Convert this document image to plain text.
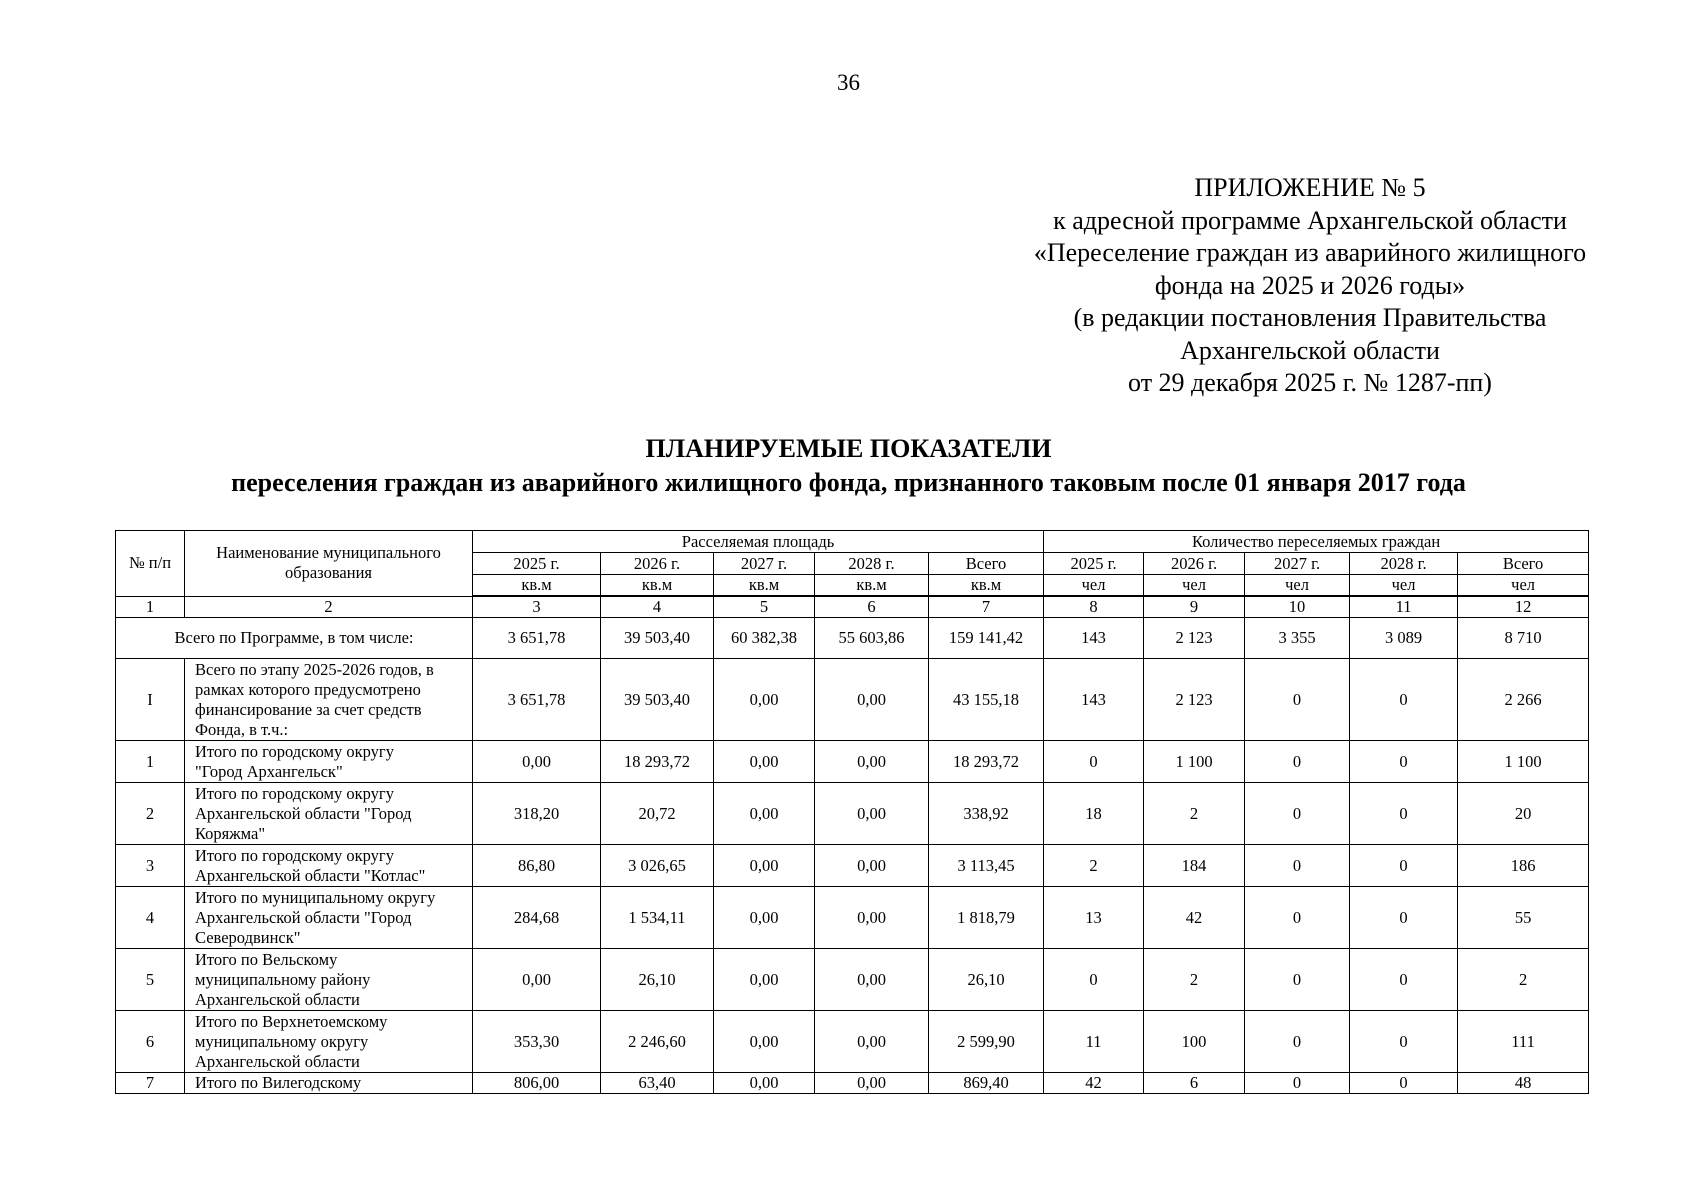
36
ПРИЛОЖЕНИЕ № 5
к адресной программе Архангельской области
«Переселение граждан из аварийного жилищного
фонда на 2025 и 2026 годы»
(в редакции постановления Правительства
Архангельской области
от 29 декабря 2025 г. № 1287-пп)
ПЛАНИРУЕМЫЕ ПОКАЗАТЕЛИ
переселения граждан из аварийного жилищного фонда, признанного таковым после 01 января 2017 года
№ п/п	Наименование муниципального образования	Расселяемая площадь					Количество переселяемых граждан				
		2025 г.	2026 г.	2027 г.	2028 г.	Всего	2025 г.	2026 г.	2027 г.	2028 г.	Всего
		кв.м	кв.м	кв.м	кв.м	кв.м	чел	чел	чел	чел	чел
1	2	3	4	5	6	7	8	9	10	11	12
Всего по Программе, в том числе:		3 651,78	39 503,40	60 382,38	55 603,86	159 141,42	143	2 123	3 355	3 089	8 710
I	Всего по этапу 2025-2026 годов, в
рамках которого предусмотрено
финансирование за счет средств
Фонда, в т.ч.:	3 651,78	39 503,40	0,00	0,00	43 155,18	143	2 123	0	0	2 266
1	Итого по городскому округу
"Город Архангельск"	0,00	18 293,72	0,00	0,00	18 293,72	0	1 100	0	0	1 100
2	Итого по городскому округу
Архангельской области "Город
Коряжма"	318,20	20,72	0,00	0,00	338,92	18	2	0	0	20
3	Итого по городскому округу
Архангельской области "Котлас"	86,80	3 026,65	0,00	0,00	3 113,45	2	184	0	0	186
4	Итого по муниципальному округу
Архангельской области "Город
Северодвинск"	284,68	1 534,11	0,00	0,00	1 818,79	13	42	0	0	55
5	Итого по Вельскому
муниципальному району
Архангельской области	0,00	26,10	0,00	0,00	26,10	0	2	0	0	2
6	Итого по Верхнетоемскому
муниципальному округу
Архангельской области	353,30	2 246,60	0,00	0,00	2 599,90	11	100	0	0	111
7	Итого по Вилегодскому	806,00	63,40	0,00	0,00	869,40	42	6	0	0	48
